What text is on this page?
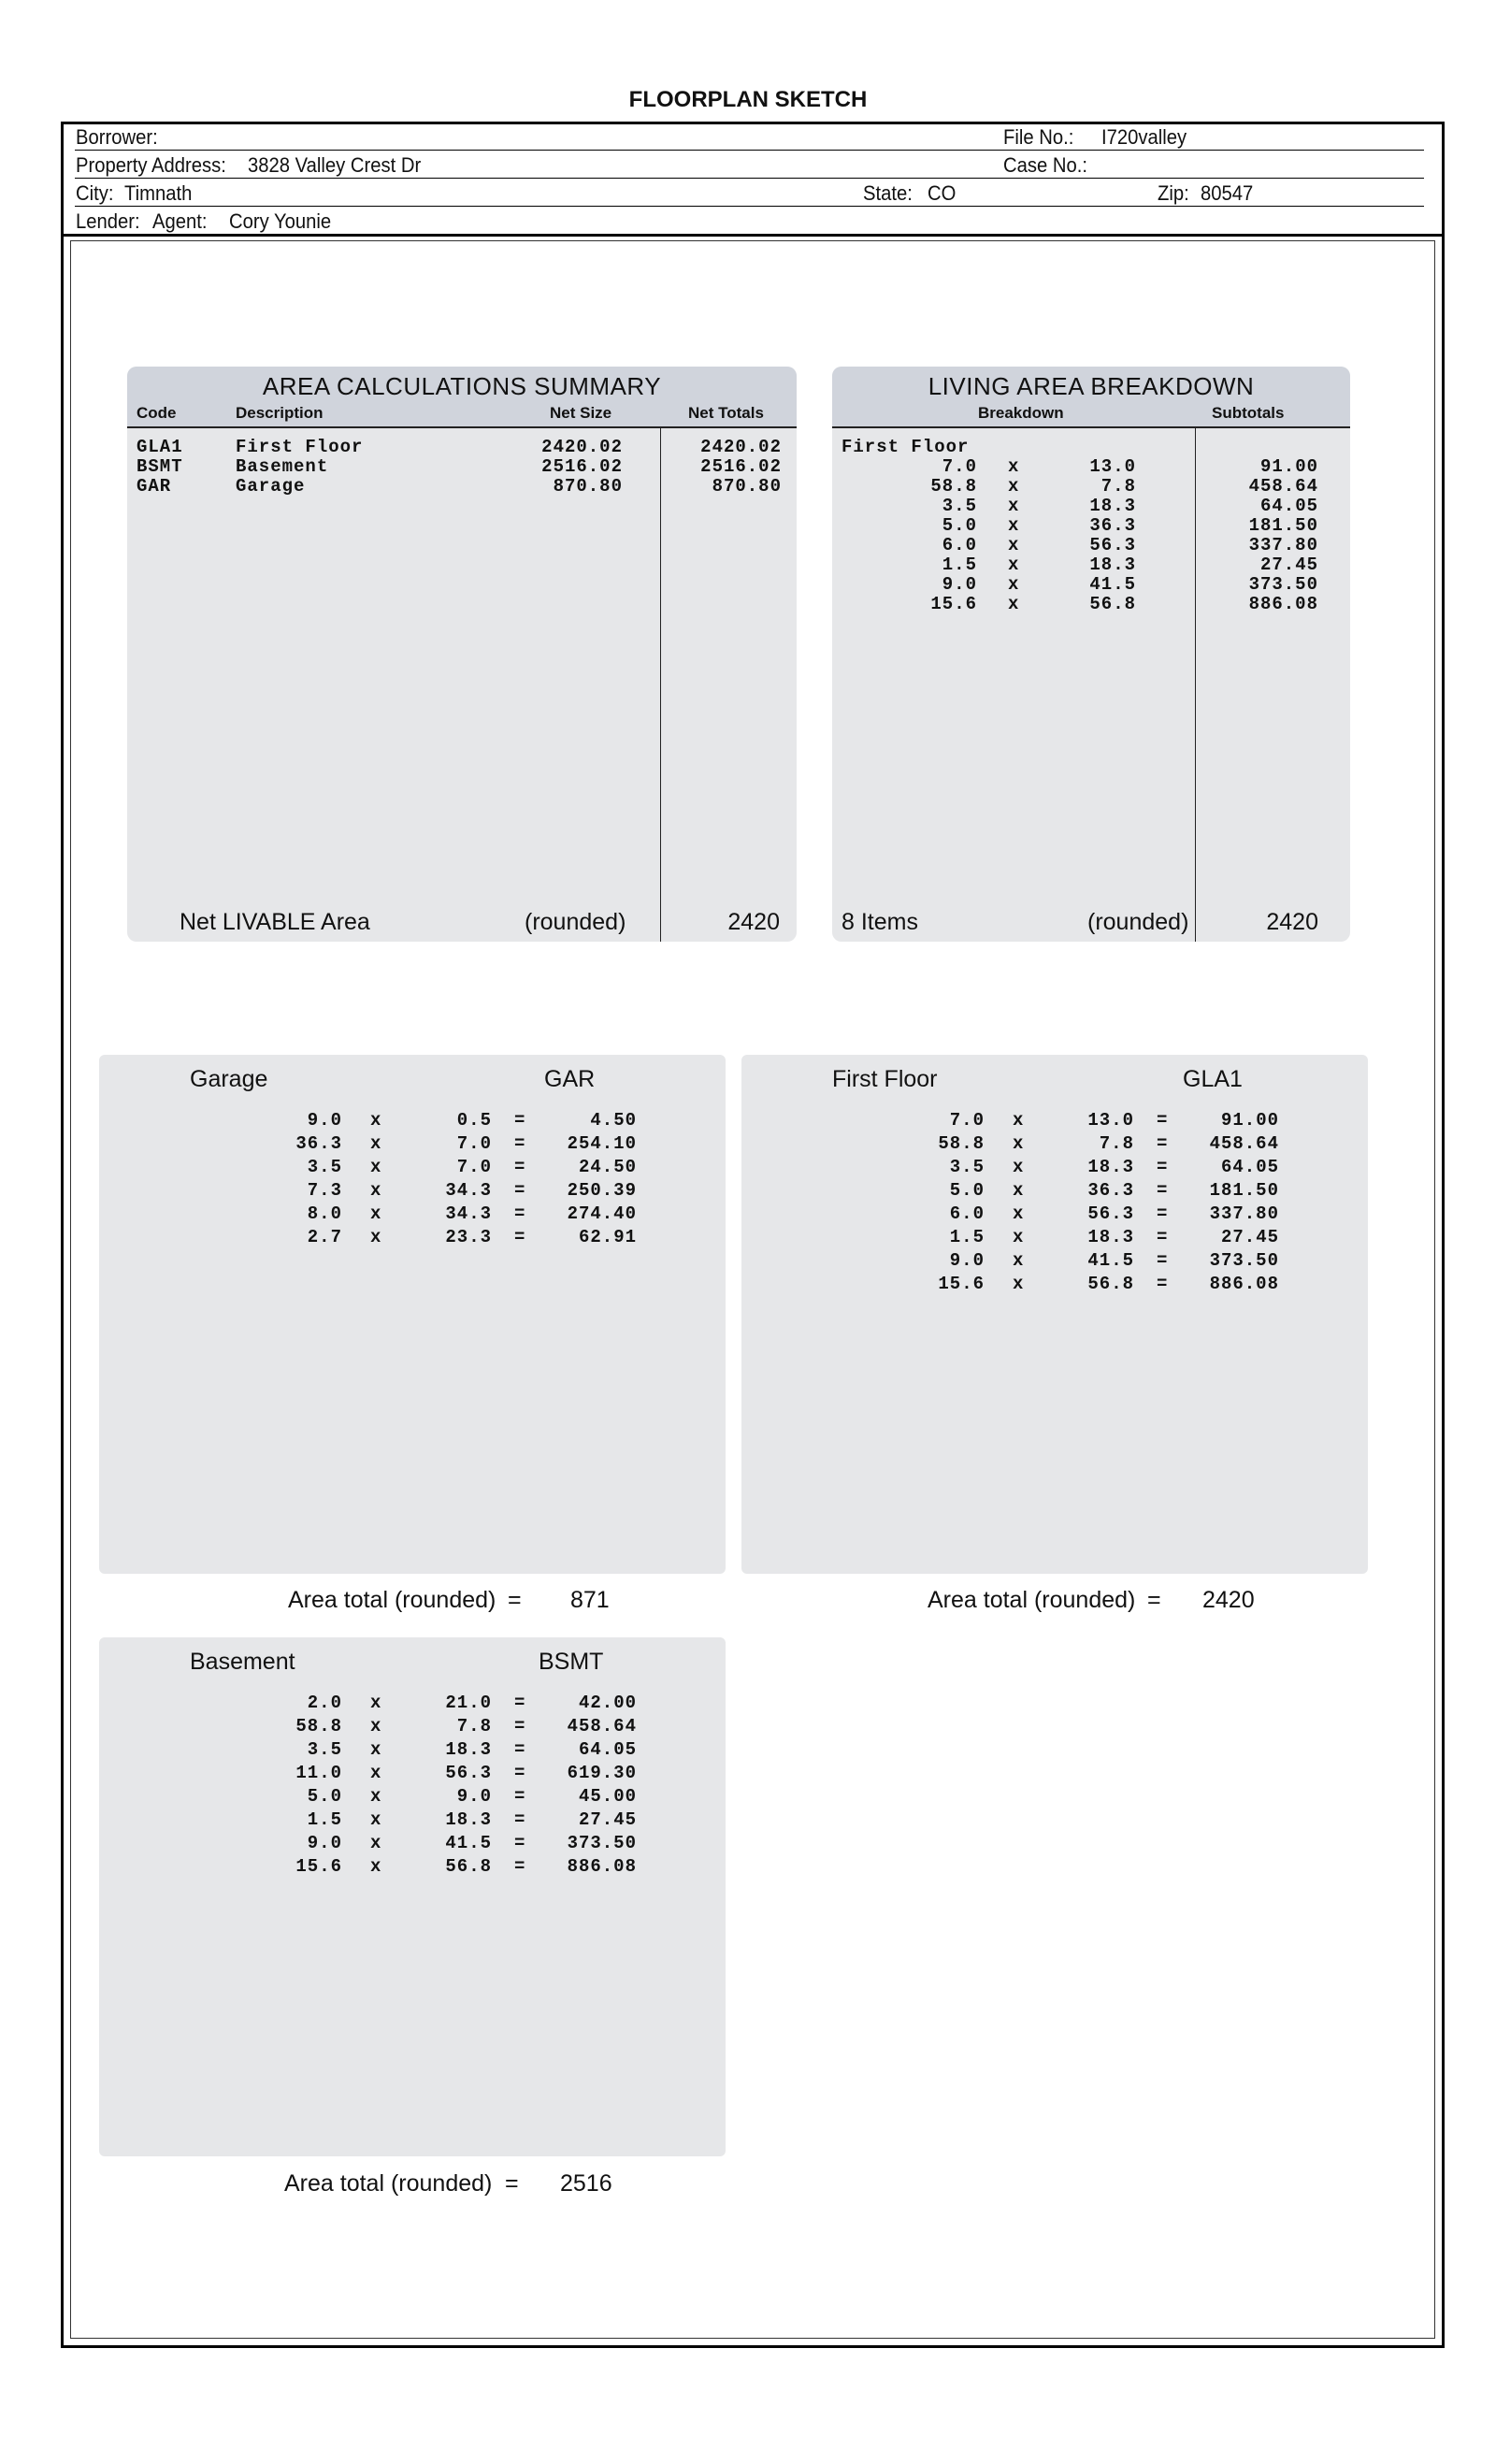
FLOORPLAN SKETCH
Borrower:	File No.: I720valley
Property Address: 3828 Valley Crest Dr	Case No.:
City: Timnath	State: CO	Zip: 80547
Lender: Agent: Cory Younie
AREA CALCULATIONS SUMMARY
Code	Description	Net Size	Net Totals
GLA1	First Floor	2420.02	2420.02
BSMT	Basement	2516.02	2516.02
GAR	Garage	870.80	870.80
Net LIVABLE Area	(rounded)	2420
LIVING AREA BREAKDOWN
Breakdown	Subtotals
First Floor
7.0 x	13.0	91.00
58.8 x	7.8	458.64
3.5 x	18.3	64.05
5.0 x	36.3	181.50
6.0 x	56.3	337.80
1.5 x	18.3	27.45
9.0 x	41.5	373.50
15.6 x	56.8	886.08
8 Items	(rounded)	2420
Garage	GAR
9.0 x	0.5 =	4.50
36.3 x	7.0 =	254.10
3.5 x	7.0 =	24.50
7.3 x	34.3 =	250.39
8.0 x	34.3 =	274.40
2.7 x	23.3 =	62.91
Area total (rounded) = 871
First Floor	GLA1
7.0 x	13.0 =	91.00
58.8 x	7.8 =	458.64
3.5 x	18.3 =	64.05
5.0 x	36.3 =	181.50
6.0 x	56.3 =	337.80
1.5 x	18.3 =	27.45
9.0 x	41.5 =	373.50
15.6 x	56.8 =	886.08
Area total (rounded) = 2420
Basement	BSMT
2.0 x	21.0 =	42.00
58.8 x	7.8 =	458.64
3.5 x	18.3 =	64.05
11.0 x	56.3 =	619.30
5.0 x	9.0 =	45.00
1.5 x	18.3 =	27.45
9.0 x	41.5 =	373.50
15.6 x	56.8 =	886.08
Area total (rounded) = 2516
